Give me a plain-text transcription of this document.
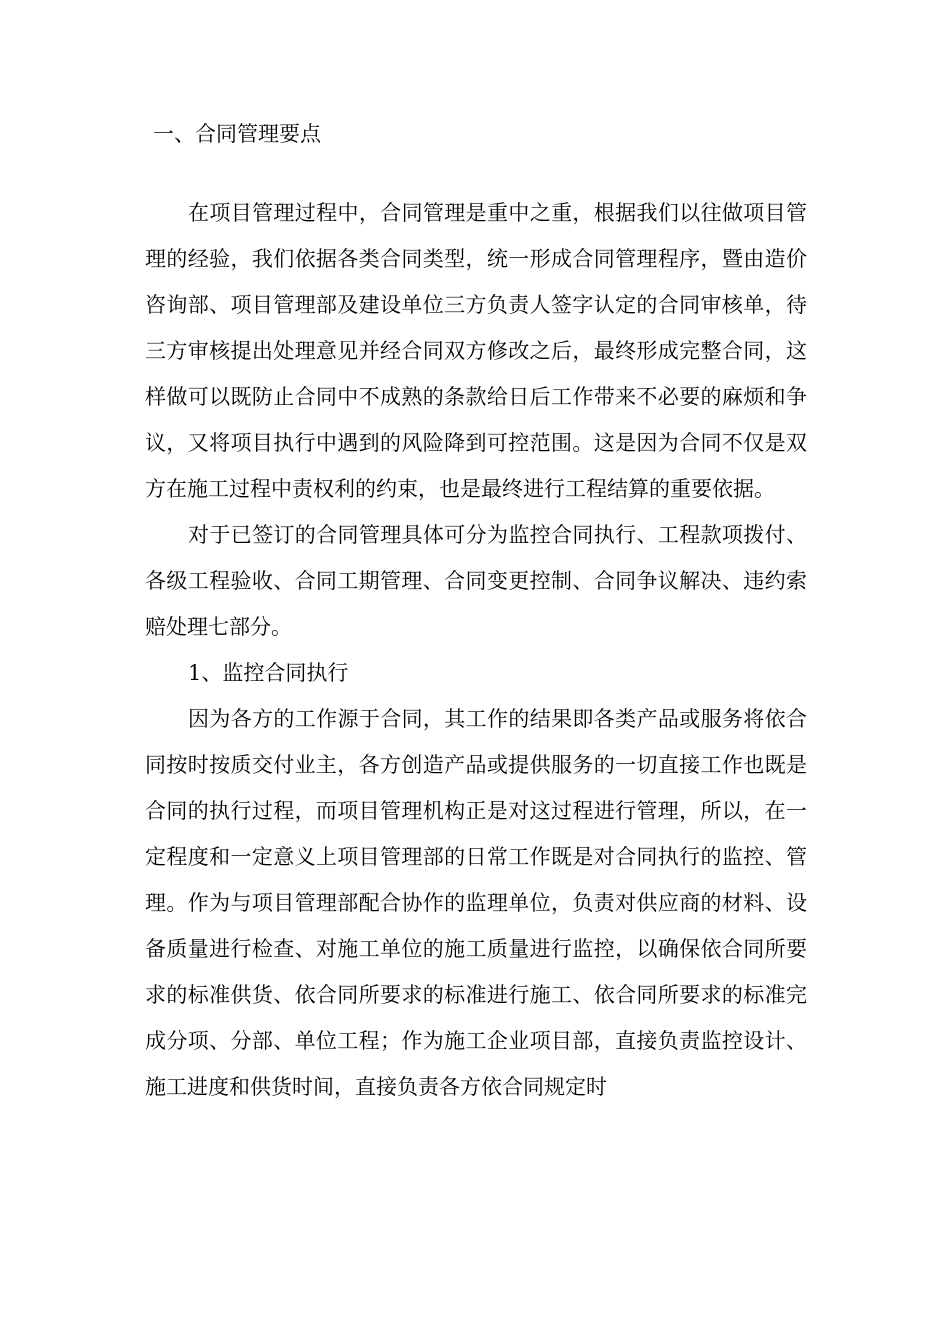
一、合同管理要点

在项目管理过程中，合同管理是重中之重，根据我们以往做项目管理的经验，我们依据各类合同类型，统一形成合同管理程序，暨由造价咨询部、项目管理部及建设单位三方负责人签字认定的合同审核单，待三方审核提出处理意见并经合同双方修改之后，最终形成完整合同，这样做可以既防止合同中不成熟的条款给日后工作带来不必要的麻烦和争议，又将项目执行中遇到的风险降到可控范围。这是因为合同不仅是双方在施工过程中责权利的约束，也是最终进行工程结算的重要依据。

对于已签订的合同管理具体可分为监控合同执行、工程款项拨付、各级工程验收、合同工期管理、合同变更控制、合同争议解决、违约索赔处理七部分。

1、监控合同执行

因为各方的工作源于合同，其工作的结果即各类产品或服务将依合同按时按质交付业主，各方创造产品或提供服务的一切直接工作也既是合同的执行过程，而项目管理机构正是对这过程进行管理，所以，在一定程度和一定意义上项目管理部的日常工作既是对合同执行的监控、管理。作为与项目管理部配合协作的监理单位，负责对供应商的材料、设备质量进行检查、对施工单位的施工质量进行监控，以确保依合同所要求的标准供货、依合同所要求的标准进行施工、依合同所要求的标准完成分项、分部、单位工程；作为施工企业项目部，直接负责监控设计、施工进度和供货时间，直接负责各方依合同规定时
